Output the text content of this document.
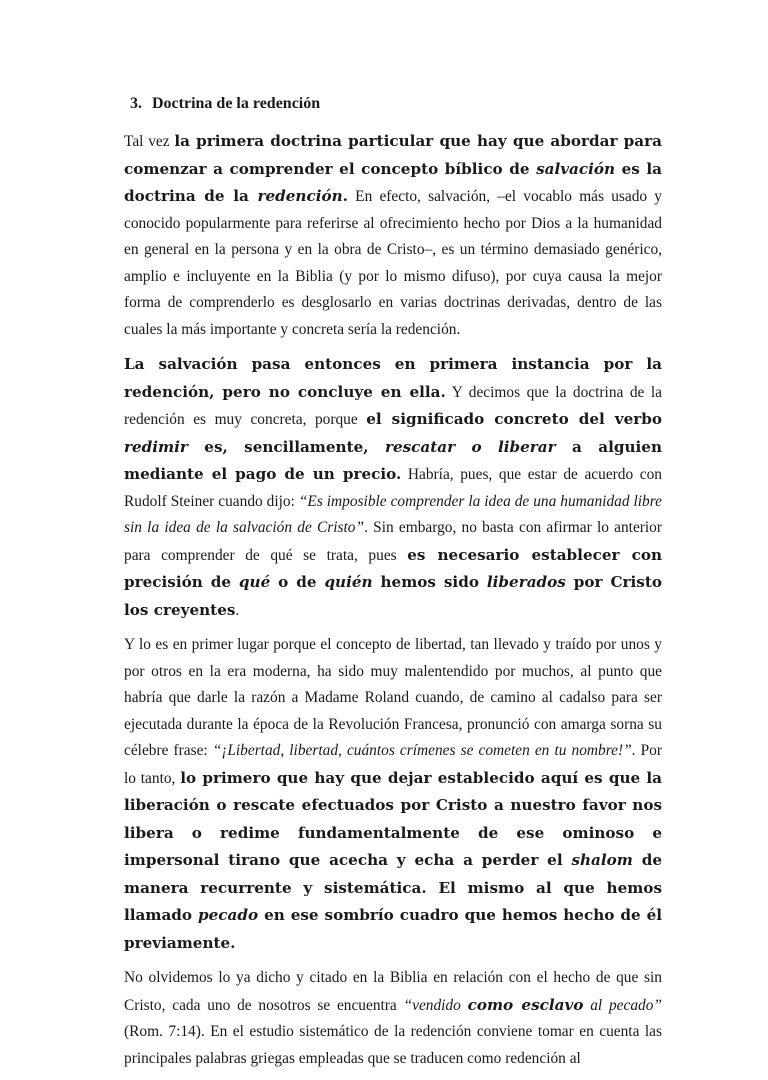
3. Doctrina de la redención

Tal vez la primera doctrina particular que hay que abordar para comenzar a comprender el concepto bíblico de salvación es la doctrina de la redención. En efecto, salvación, –el vocablo más usado y conocido popularmente para referirse al ofrecimiento hecho por Dios a la humanidad en general en la persona y en la obra de Cristo–, es un término demasiado genérico, amplio e incluyente en la Biblia (y por lo mismo difuso), por cuya causa la mejor forma de comprenderlo es desglosarlo en varias doctrinas derivadas, dentro de las cuales la más importante y concreta sería la redención.

La salvación pasa entonces en primera instancia por la redención, pero no concluye en ella. Y decimos que la doctrina de la redención es muy concreta, porque el significado concreto del verbo redimir es, sencillamente, rescatar o liberar a alguien mediante el pago de un precio. Habría, pues, que estar de acuerdo con Rudolf Steiner cuando dijo: “Es imposible comprender la idea de una humanidad libre sin la idea de la salvación de Cristo”. Sin embargo, no basta con afirmar lo anterior para comprender de qué se trata, pues es necesario establecer con precisión de qué o de quién hemos sido liberados por Cristo los creyentes.

Y lo es en primer lugar porque el concepto de libertad, tan llevado y traído por unos y por otros en la era moderna, ha sido muy malentendido por muchos, al punto que habría que darle la razón a Madame Roland cuando, de camino al cadalso para ser ejecutada durante la época de la Revolución Francesa, pronunció con amarga sorna su célebre frase: “¡Libertad, libertad, cuántos crímenes se cometen en tu nombre!”. Por lo tanto, lo primero que hay que dejar establecido aquí es que la liberación o rescate efectuados por Cristo a nuestro favor nos libera o redime fundamentalmente de ese ominoso e impersonal tirano que acecha y echa a perder el shalom de manera recurrente y sistemática. El mismo al que hemos llamado pecado en ese sombrío cuadro que hemos hecho de él previamente.

No olvidemos lo ya dicho y citado en la Biblia en relación con el hecho de que sin Cristo, cada uno de nosotros se encuentra “vendido como esclavo al pecado” (Rom. 7:14). En el estudio sistemático de la redención conviene tomar en cuenta las principales palabras griegas empleadas que se traducen como redención al
